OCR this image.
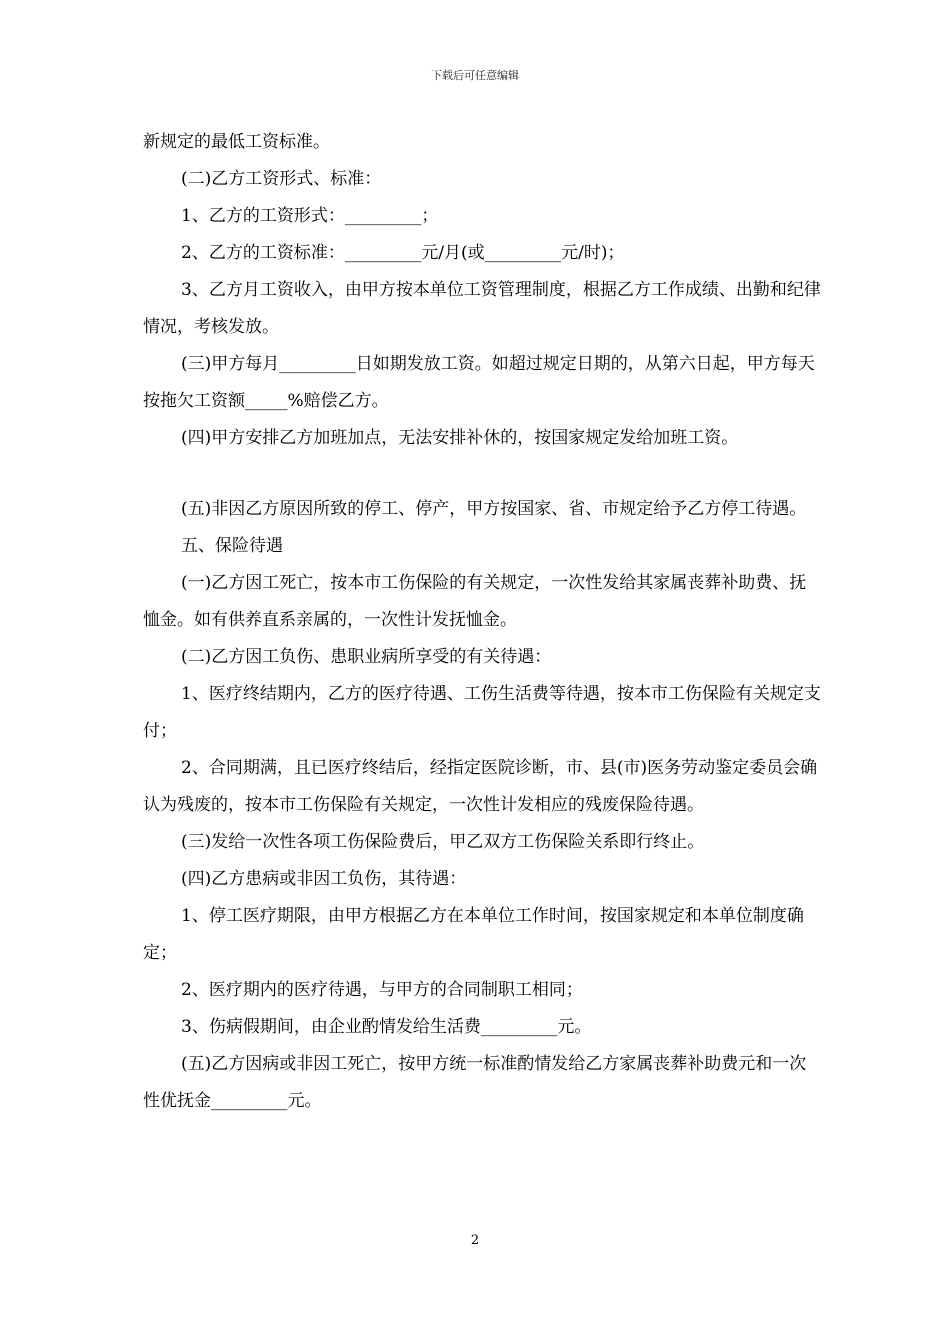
下载后可任意编辑

新规定的最低工资标准。

(二)乙方工资形式、标准：

1、乙方的工资形式：_________；

2、乙方的工资标准：_________元/月(或_________元/时)；

3、乙方月工资收入，由甲方按本单位工资管理制度，根据乙方工作成绩、出勤和纪律情况，考核发放。

(三)甲方每月_________日如期发放工资。如超过规定日期的，从第六日起，甲方每天按拖欠工资额_____%赔偿乙方。

(四)甲方安排乙方加班加点，无法安排补休的，按国家规定发给加班工资。

(五)非因乙方原因所致的停工、停产，甲方按国家、省、市规定给予乙方停工待遇。

五、保险待遇

(一)乙方因工死亡，按本市工伤保险的有关规定，一次性发给其家属丧葬补助费、抚恤金。如有供养直系亲属的，一次性计发抚恤金。

(二)乙方因工负伤、患职业病所享受的有关待遇：

1、医疗终结期内，乙方的医疗待遇、工伤生活费等待遇，按本市工伤保险有关规定支付；

2、合同期满，且已医疗终结后，经指定医院诊断，市、县(市)医务劳动鉴定委员会确认为残废的，按本市工伤保险有关规定，一次性计发相应的残废保险待遇。

(三)发给一次性各项工伤保险费后，甲乙双方工伤保险关系即行终止。

(四)乙方患病或非因工负伤，其待遇：

1、停工医疗期限，由甲方根据乙方在本单位工作时间，按国家规定和本单位制度确定；

2、医疗期内的医疗待遇，与甲方的合同制职工相同；

3、伤病假期间，由企业酌情发给生活费_________元。

(五)乙方因病或非因工死亡，按甲方统一标准酌情发给乙方家属丧葬补助费元和一次性优抚金_________元。

2
